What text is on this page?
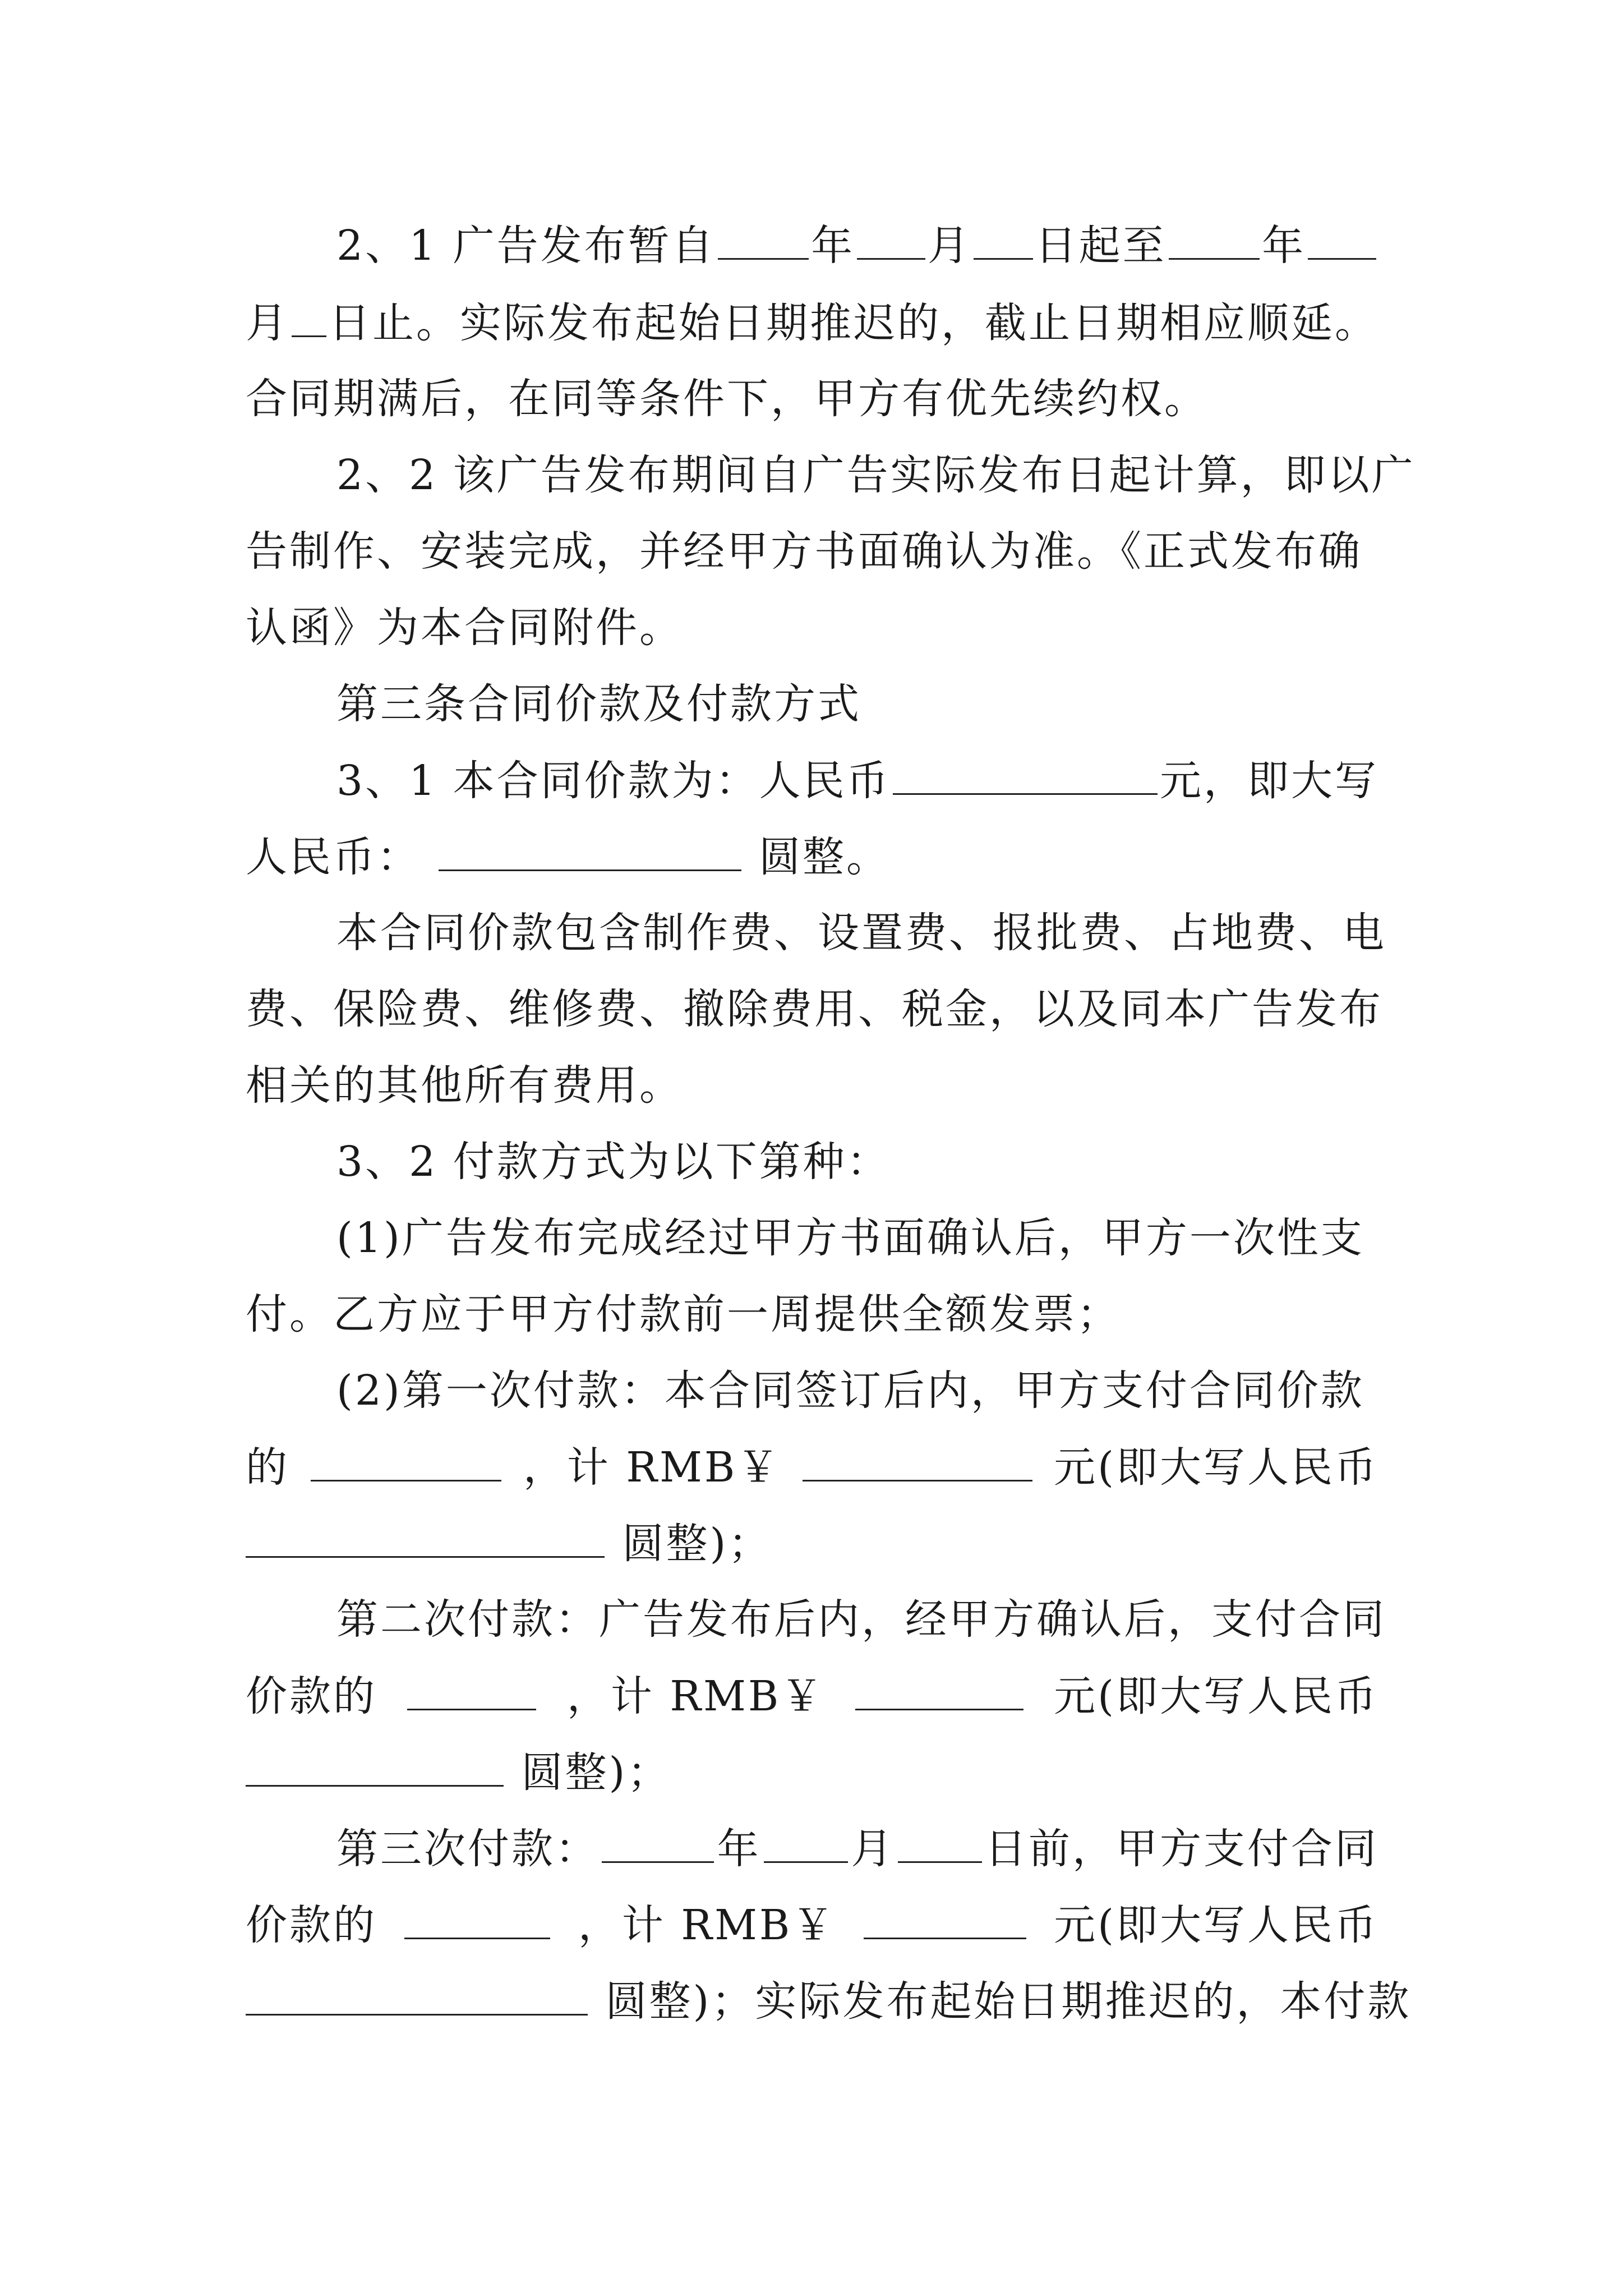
2、1 广告发布暂自 年 月 日起至 年
月 日止。实际发布起始日期推迟的，截止日期相应顺延。
合同期满后，在同等条件下，甲方有优先续约权。
2、2 该广告发布期间自广告实际发布日起计算，即以广
告制作、安装完成，并经甲方书面确认为准。《正式发布确
认函》为本合同附件。
第三条合同价款及付款方式
3、1 本合同价款为：人民币	元，即大写
人民币：	圆整。
本合同价款包含制作费、设置费、报批费、占地费、电
费、保险费、维修费、撤除费用、税金，以及同本广告发布
相关的其他所有费用。
3、2 付款方式为以下第种：
(1)广告发布完成经过甲方书面确认后，甲方一次性支
付。乙方应于甲方付款前一周提供全额发票；
(2)第一次付款：本合同签订后内，甲方支付合同价款
的	，计 RMB￥	元(即大写人民币
圆整)；
第二次付款：广告发布后内，经甲方确认后，支付合同
价款的	，计 RMB￥	元(即大写人民币
圆整)；
第三次付款：	年 月 日前，甲方支付合同
价款的	，计 RMB￥	元(即大写人民币
圆整)；实际发布起始日期推迟的，本付款
